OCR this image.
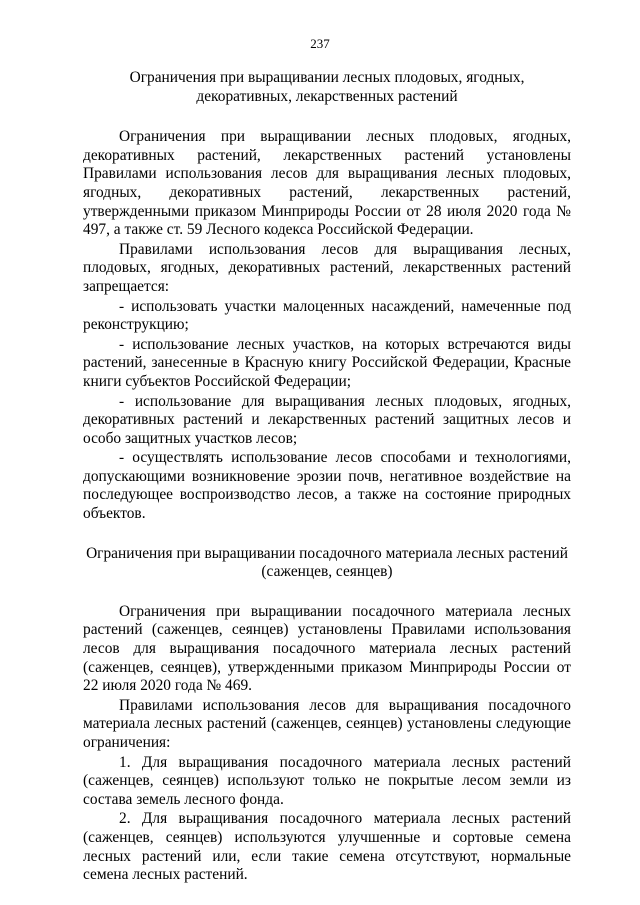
237

Ограничения при выращивании лесных плодовых, ягодных, декоративных, лекарственных растений

Ограничения при выращивании лесных плодовых, ягодных, декоративных растений, лекарственных растений установлены Правилами использования лесов для выращивания лесных плодовых, ягодных, декоративных растений, лекарственных растений, утвержденными приказом Минприроды России от 28 июля 2020 года № 497, а также ст. 59 Лесного кодекса Российской Федерации.

Правилами использования лесов для выращивания лесных, плодовых, ягодных, декоративных растений, лекарственных растений запрещается:

- использовать участки малоценных насаждений, намеченные под реконструкцию;

- использование лесных участков, на которых встречаются виды растений, занесенные в Красную книгу Российской Федерации, Красные книги субъектов Российской Федерации;

- использование для выращивания лесных плодовых, ягодных, декоративных растений и лекарственных растений защитных лесов и особо защитных участков лесов;

- осуществлять использование лесов способами и технологиями, допускающими возникновение эрозии почв, негативное воздействие на последующее воспроизводство лесов, а также на состояние природных объектов.

Ограничения при выращивании посадочного материала лесных растений (саженцев, сеянцев)

Ограничения при выращивании посадочного материала лесных растений (саженцев, сеянцев) установлены Правилами использования лесов для выращивания посадочного материала лесных растений (саженцев, сеянцев), утвержденными приказом Минприроды России от 22 июля 2020 года № 469.

Правилами использования лесов для выращивания посадочного материала лесных растений (саженцев, сеянцев) установлены следующие ограничения:

1. Для выращивания посадочного материала лесных растений (саженцев, сеянцев) используют только не покрытые лесом земли из состава земель лесного фонда.

2. Для выращивания посадочного материала лесных растений (саженцев, сеянцев) используются улучшенные и сортовые семена лесных растений или, если такие семена отсутствуют, нормальные семена лесных растений.
